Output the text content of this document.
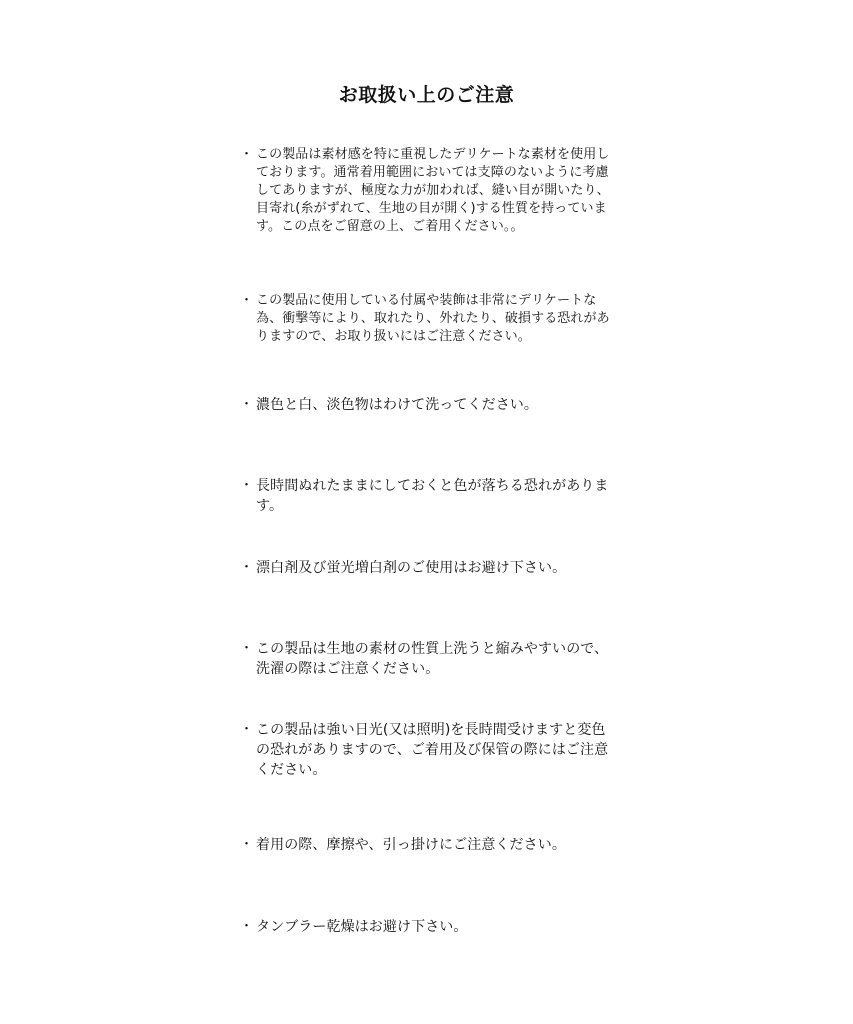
お取扱い上のご注意
・ この製品は素材感を特に重視したデリケートな素材を使用しております。通常着用範囲においては支障のないように考慮してありますが、極度な力が加われば、縫い目が開いたり、目寄れ(糸がずれて、生地の目が開く)する性質を持っています。この点をご留意の上、ご着用ください。。
・ この製品に使用している付属や装飾は非常にデリケートな為、衝撃等により、取れたり、外れたり、破損する恐れがありますので、お取り扱いにはご注意ください。
・ 濃色と白、淡色物はわけて洗ってください。
・ 長時間ぬれたままにしておくと色が落ちる恐れがあります。
・ 漂白剤及び蛍光増白剤のご使用はお避け下さい。
・ この製品は生地の素材の性質上洗うと縮みやすいので、洗濯の際はご注意ください。
・ この製品は強い日光(又は照明)を長時間受けますと変色の恐れがありますので、ご着用及び保管の際にはご注意ください。
・ 着用の際、摩擦や、引っ掛けにご注意ください。
・ タンブラー乾燥はお避け下さい。
